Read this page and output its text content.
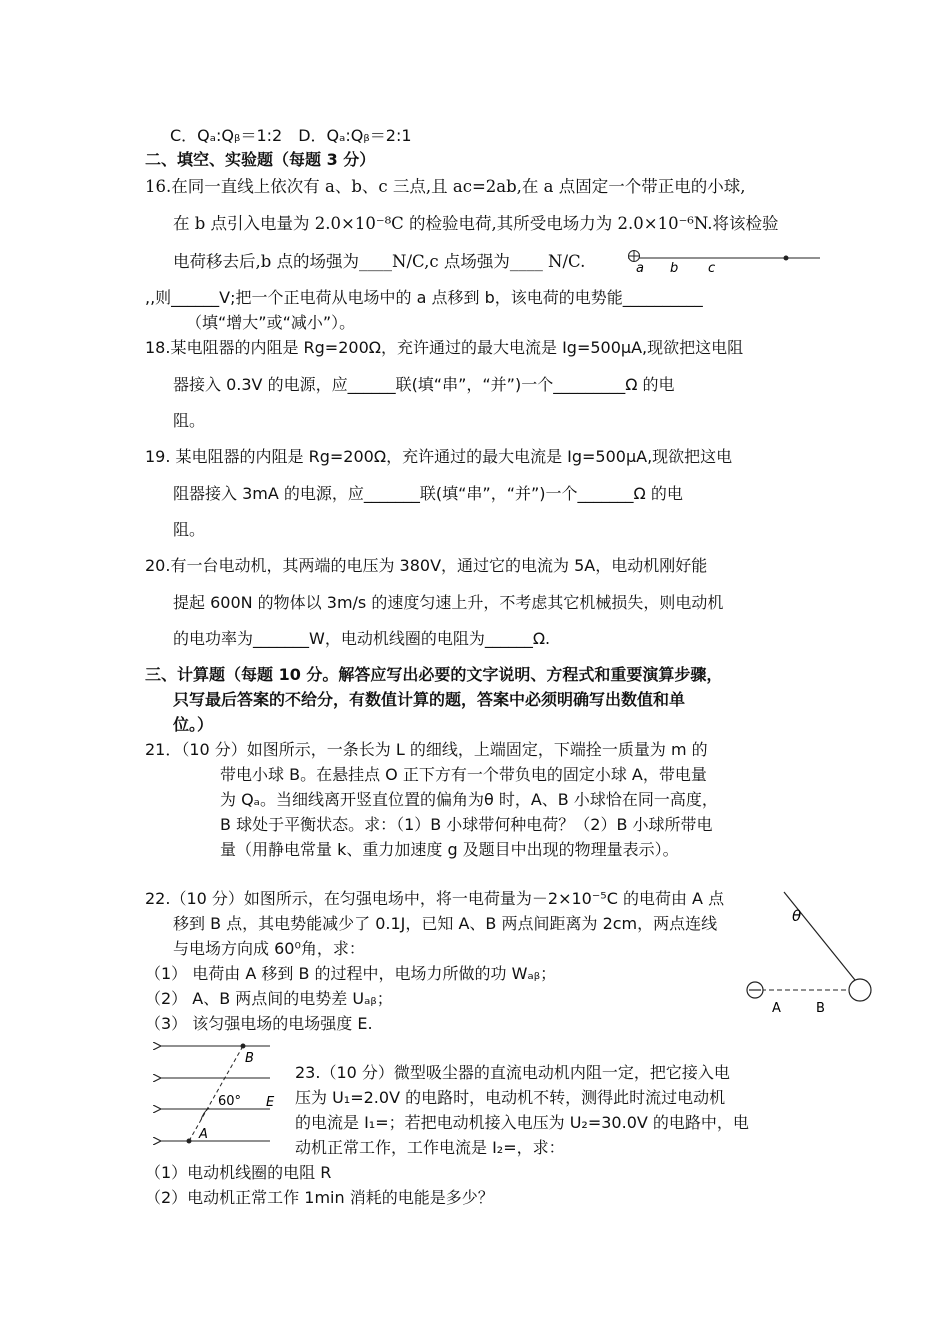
C．Qₐ:Qᵦ＝1:2　D．Qₐ:Qᵦ＝2:1
二、填空、实验题（每题 3 分）
16.在同一直线上依次有 a、b、c 三点,且 ac=2ab,在 a 点固定一个带正电的小球,
在 b 点引入电量为 2.0×10⁻⁸C 的检验电荷,其所受电场力为 2.0×10⁻⁶N.将该检验
电荷移去后,b 点的场强为____N/C,c 点场强为____ N/C.
,,则______V;把一个正电荷从电场中的 a 点移到 b，该电荷的电势能__________
（填“增大”或“减小”）。
18.某电阻器的内阻是 Rg=200Ω，充许通过的最大电流是 Ig=500μA,现欲把这电阻
器接入 0.3V 的电源，应______联(填“串”，“并”)一个_________Ω 的电
阻。
19. 某电阻器的内阻是 Rg=200Ω，充许通过的最大电流是 Ig=500μA,现欲把这电
阻器接入 3mA 的电源，应_______联(填“串”，“并”)一个_______Ω 的电
阻。
20.有一台电动机，其两端的电压为 380V，通过它的电流为 5A，电动机刚好能
提起 600N 的物体以 3m/s 的速度匀速上升，不考虑其它机械损失，则电动机
的电功率为_______W，电动机线圈的电阻为______Ω.
三、计算题（每题 10 分。解答应写出必要的文字说明、方程式和重要演算步骤，
只写最后答案的不给分，有数值计算的题，答案中必须明确写出数值和单
位。）
21．（10 分）如图所示，一条长为 L 的细线，上端固定，下端拴一质量为 m 的
带电小球 B。在悬挂点 O 正下方有一个带负电的固定小球 A，带电量
为 Qₐ。当细线离开竖直位置的偏角为θ 时，A、B 小球恰在同一高度，
B 球处于平衡状态。求：（1）B 小球带何种电荷？（2）B 小球所带电
量（用静电常量 k、重力加速度 g 及题目中出现的物理量表示）。
22.（10 分）如图所示，在匀强电场中，将一电荷量为－2×10⁻⁵C 的电荷由 A 点
移到 B 点，其电势能减少了 0.1J，已知 A、B 两点间距离为 2cm，两点连线
与电场方向成 60⁰角，求：
（1） 电荷由 A 移到 B 的过程中，电场力所做的功 Wₐᵦ；
（2） A、B 两点间的电势差 Uₐᵦ；
（3） 该匀强电场的电场强度 E.
23.（10 分）微型吸尘器的直流电动机内阻一定，把它接入电
压为 U₁=2.0V 的电路时，电动机不转，测得此时流过电动机
的电流是 I₁=；若把电动机接入电压为 U₂=30.0V 的电路中，电
动机正常工作，工作电流是 I₂=，求：
（1）电动机线圈的电阻 R
（2）电动机正常工作 1min 消耗的电能是多少？
a b c
θ
A	B
B
A
60° E
